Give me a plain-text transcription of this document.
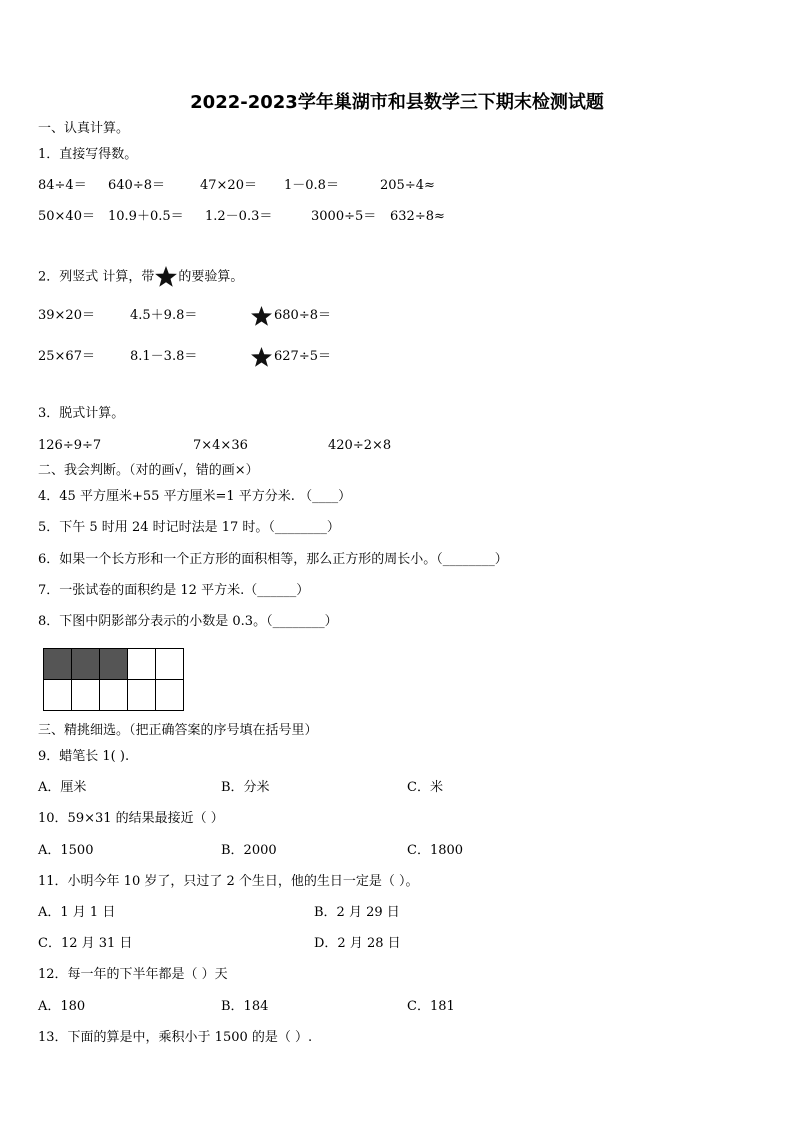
2022-2023学年巢湖市和县数学三下期末检测试题
一、认真计算。
1．直接写得数。
84÷4＝ 640÷8＝	47×20＝ 1－0.8＝	205÷4≈
50×40＝ 10.9＋0.5＝ 1.2－0.3＝	3000÷5＝ 632÷8≈
2．列竖式 计算，带 的要验算。
39×20＝	4.5＋9.8＝	680÷8＝
25×67＝	8.1－3.8＝	627÷5＝
3．脱式计算。
126÷9÷7	7×4×36	420÷2×8
二、我会判断。（对的画√，错的画×）
4．45 平方厘米+55 平方厘米=1 平方分米. （____）
5．下午 5 时用 24 时记时法是 17 时。（________）
6．如果一个长方形和一个正方形的面积相等，那么正方形的周长小。（________）
7．一张试卷的面积约是 12 平方米.（______）
8．下图中阴影部分表示的小数是 0.3。（________）

三、精挑细选。（把正确答案的序号填在括号里）
9．蜡笔长 1( ).
A．厘米	B．分米	C．米
10．59×31 的结果最接近（ ）
A．1500	B．2000	C．1800
11．小明今年 10 岁了，只过了 2 个生日，他的生日一定是（ ）。
A．1 月 1 日	B．2 月 29 日
C．12 月 31 日	D．2 月 28 日
12．每一年的下半年都是（ ）天
A．180	B．184	C．181
13．下面的算是中，乘积小于 1500 的是（ ）.
